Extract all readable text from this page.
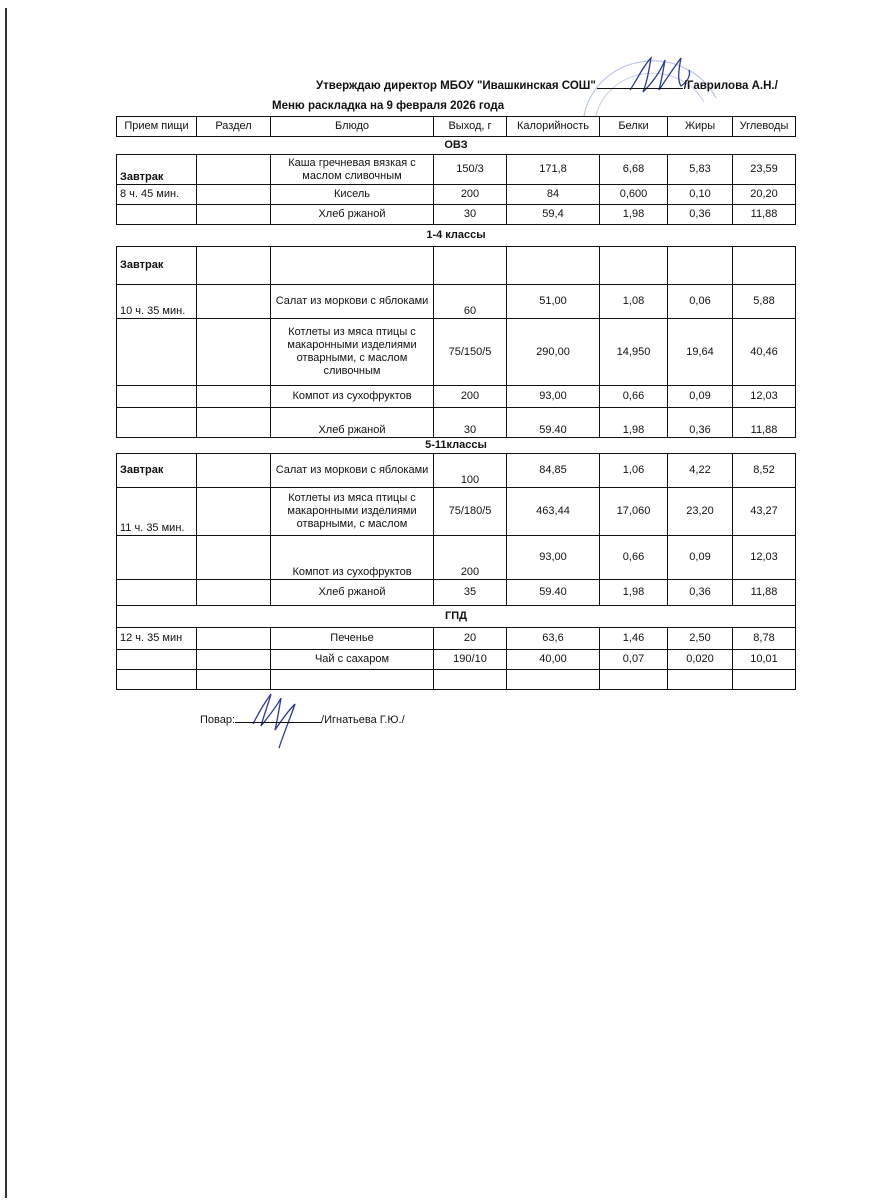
Утверждаю директор МБОУ "Ивашкинская СОШ"	/Гаврилова А.Н./
Меню раскладка на 9 февраля 2026 года
Прием пищи	Раздел	Блюдо	Выход, г	Калорийность	Белки	Жиры	Углеводы
ОВЗ							
Завтрак		Каша гречневая вязкая с маслом сливочным	150/3	171,8	6,68	5,83	23,59
8 ч. 45 мин.		Кисель	200	84	0,600	0,10	20,20
		Хлеб ржаной	30	59,4	1,98	0,36	11,88
1-4 классы							
Завтрак							
10 ч. 35 мин.		Салат из моркови с яблоками	60	51,00	1,08	0,06	5,88
		Котлеты из мяса птицы с макаронными изделиями отварными, с маслом сливочным	75/150/5	290,00	14,950	19,64	40,46
		Компот из сухофруктов	200	93,00	0,66	0,09	12,03
		Хлеб ржаной	30	59.40	1,98	0,36	11,88
5-11классы							
Завтрак		Салат из моркови с яблоками	100	84,85	1,06	4,22	8,52
11 ч. 35 мин.		Котлеты из мяса птицы с макаронными изделиями отварными, с маслом	75/180/5	463,44	17,060	23,20	43,27
		Компот из сухофруктов	200	93,00	0,66	0,09	12,03
		Хлеб ржаной	35	59.40	1,98	0,36	11,88
ГПД							
12 ч. 35 мин		Печенье	20	63,6	1,46	2,50	8,78
		Чай с сахаром	190/10	40,00	0,07	0,020	10,01

Повар:	/Игнатьева Г.Ю./
